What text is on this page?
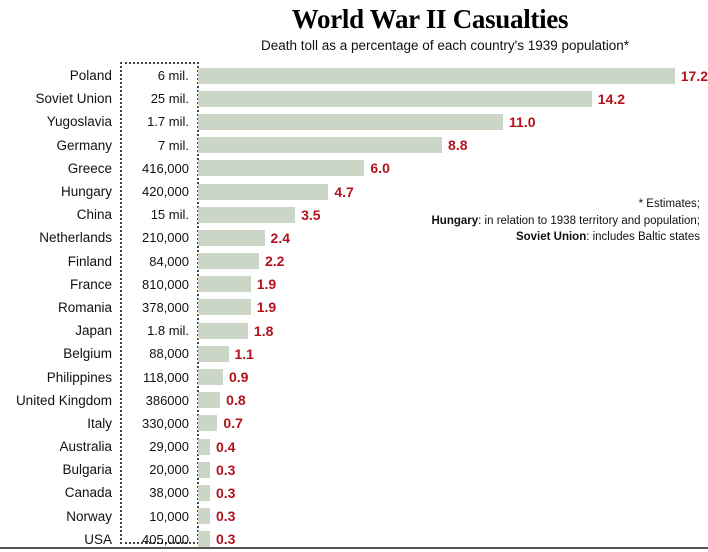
World War II Casualties
Death toll as a percentage of each country's 1939 population*
Poland	6 mil.	17.2
Soviet Union	25 mil.	14.2
Yugoslavia	1.7 mil.	11.0
Germany	7 mil.	8.8
Greece	416,000	6.0
Hungary	420,000	4.7
China	15 mil.	3.5
Netherlands	210,000	2.4
Finland	84,000	2.2
France	810,000	1.9
Romania	378,000	1.9
Japan	1.8 mil.	1.8
Belgium	88,000	1.1
Philippines	118,000	0.9
United Kingdom	386000	0.8
Italy	330,000	0.7
Australia	29,000	0.4
Bulgaria	20,000	0.3
Canada	38,000	0.3
Norway	10,000	0.3
USA	405,000	0.3
* Estimates;
Hungary: in relation to 1938 territory and population;
Soviet Union: includes Baltic states
